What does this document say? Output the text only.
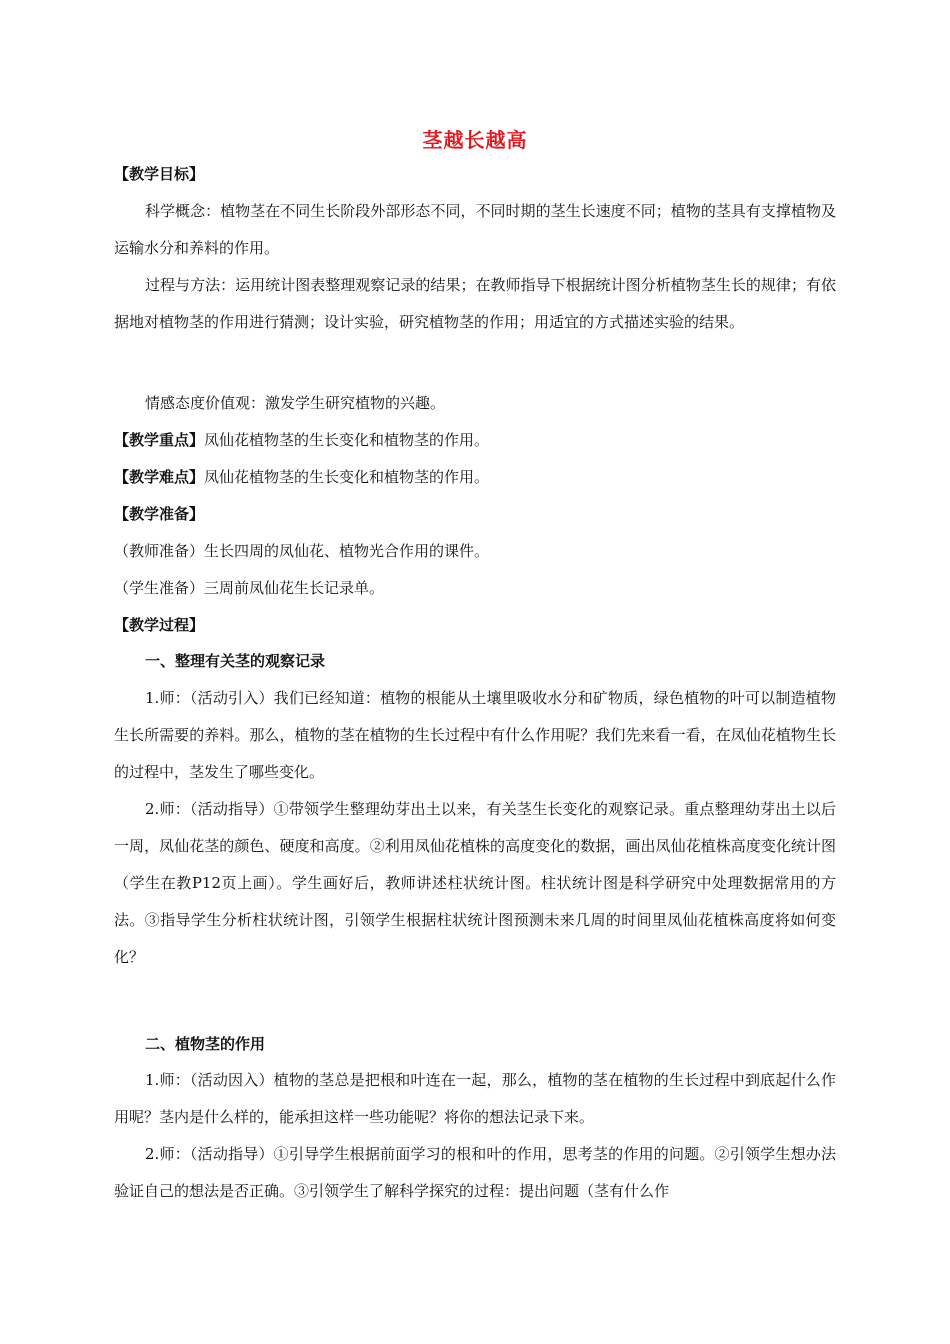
茎越长越高
【教学目标】
科学概念：植物茎在不同生长阶段外部形态不同，不同时期的茎生长速度不同；植物的茎具有支撑植物及运输水分和养料的作用。
过程与方法：运用统计图表整理观察记录的结果；在教师指导下根据统计图分析植物茎生长的规律；有依据地对植物茎的作用进行猜测；设计实验，研究植物茎的作用；用适宜的方式描述实验的结果。
情感态度价值观：激发学生研究植物的兴趣。
【教学重点】凤仙花植物茎的生长变化和植物茎的作用。
【教学难点】凤仙花植物茎的生长变化和植物茎的作用。
【教学准备】
（教师准备）生长四周的凤仙花、植物光合作用的课件。
（学生准备）三周前凤仙花生长记录单。
【教学过程】
一、整理有关茎的观察记录
1.师：（活动引入）我们已经知道：植物的根能从土壤里吸收水分和矿物质，绿色植物的叶可以制造植物生长所需要的养料。那么，植物的茎在植物的生长过程中有什么作用呢？我们先来看一看，在凤仙花植物生长的过程中，茎发生了哪些变化。
2.师：（活动指导）①带领学生整理幼芽出土以来，有关茎生长变化的观察记录。重点整理幼芽出土以后一周，凤仙花茎的颜色、硬度和高度。②利用凤仙花植株的高度变化的数据，画出凤仙花植株高度变化统计图（学生在教P12页上画）。学生画好后，教师讲述柱状统计图。柱状统计图是科学研究中处理数据常用的方法。③指导学生分析柱状统计图，引领学生根据柱状统计图预测未来几周的时间里凤仙花植株高度将如何变化？
二、植物茎的作用
1.师：（活动因入）植物的茎总是把根和叶连在一起，那么，植物的茎在植物的生长过程中到底起什么作用呢？茎内是什么样的，能承担这样一些功能呢？将你的想法记录下来。
2.师：（活动指导）①引导学生根据前面学习的根和叶的作用，思考茎的作用的问题。②引领学生想办法验证自己的想法是否正确。③引领学生了解科学探究的过程：提出问题（茎有什么作
